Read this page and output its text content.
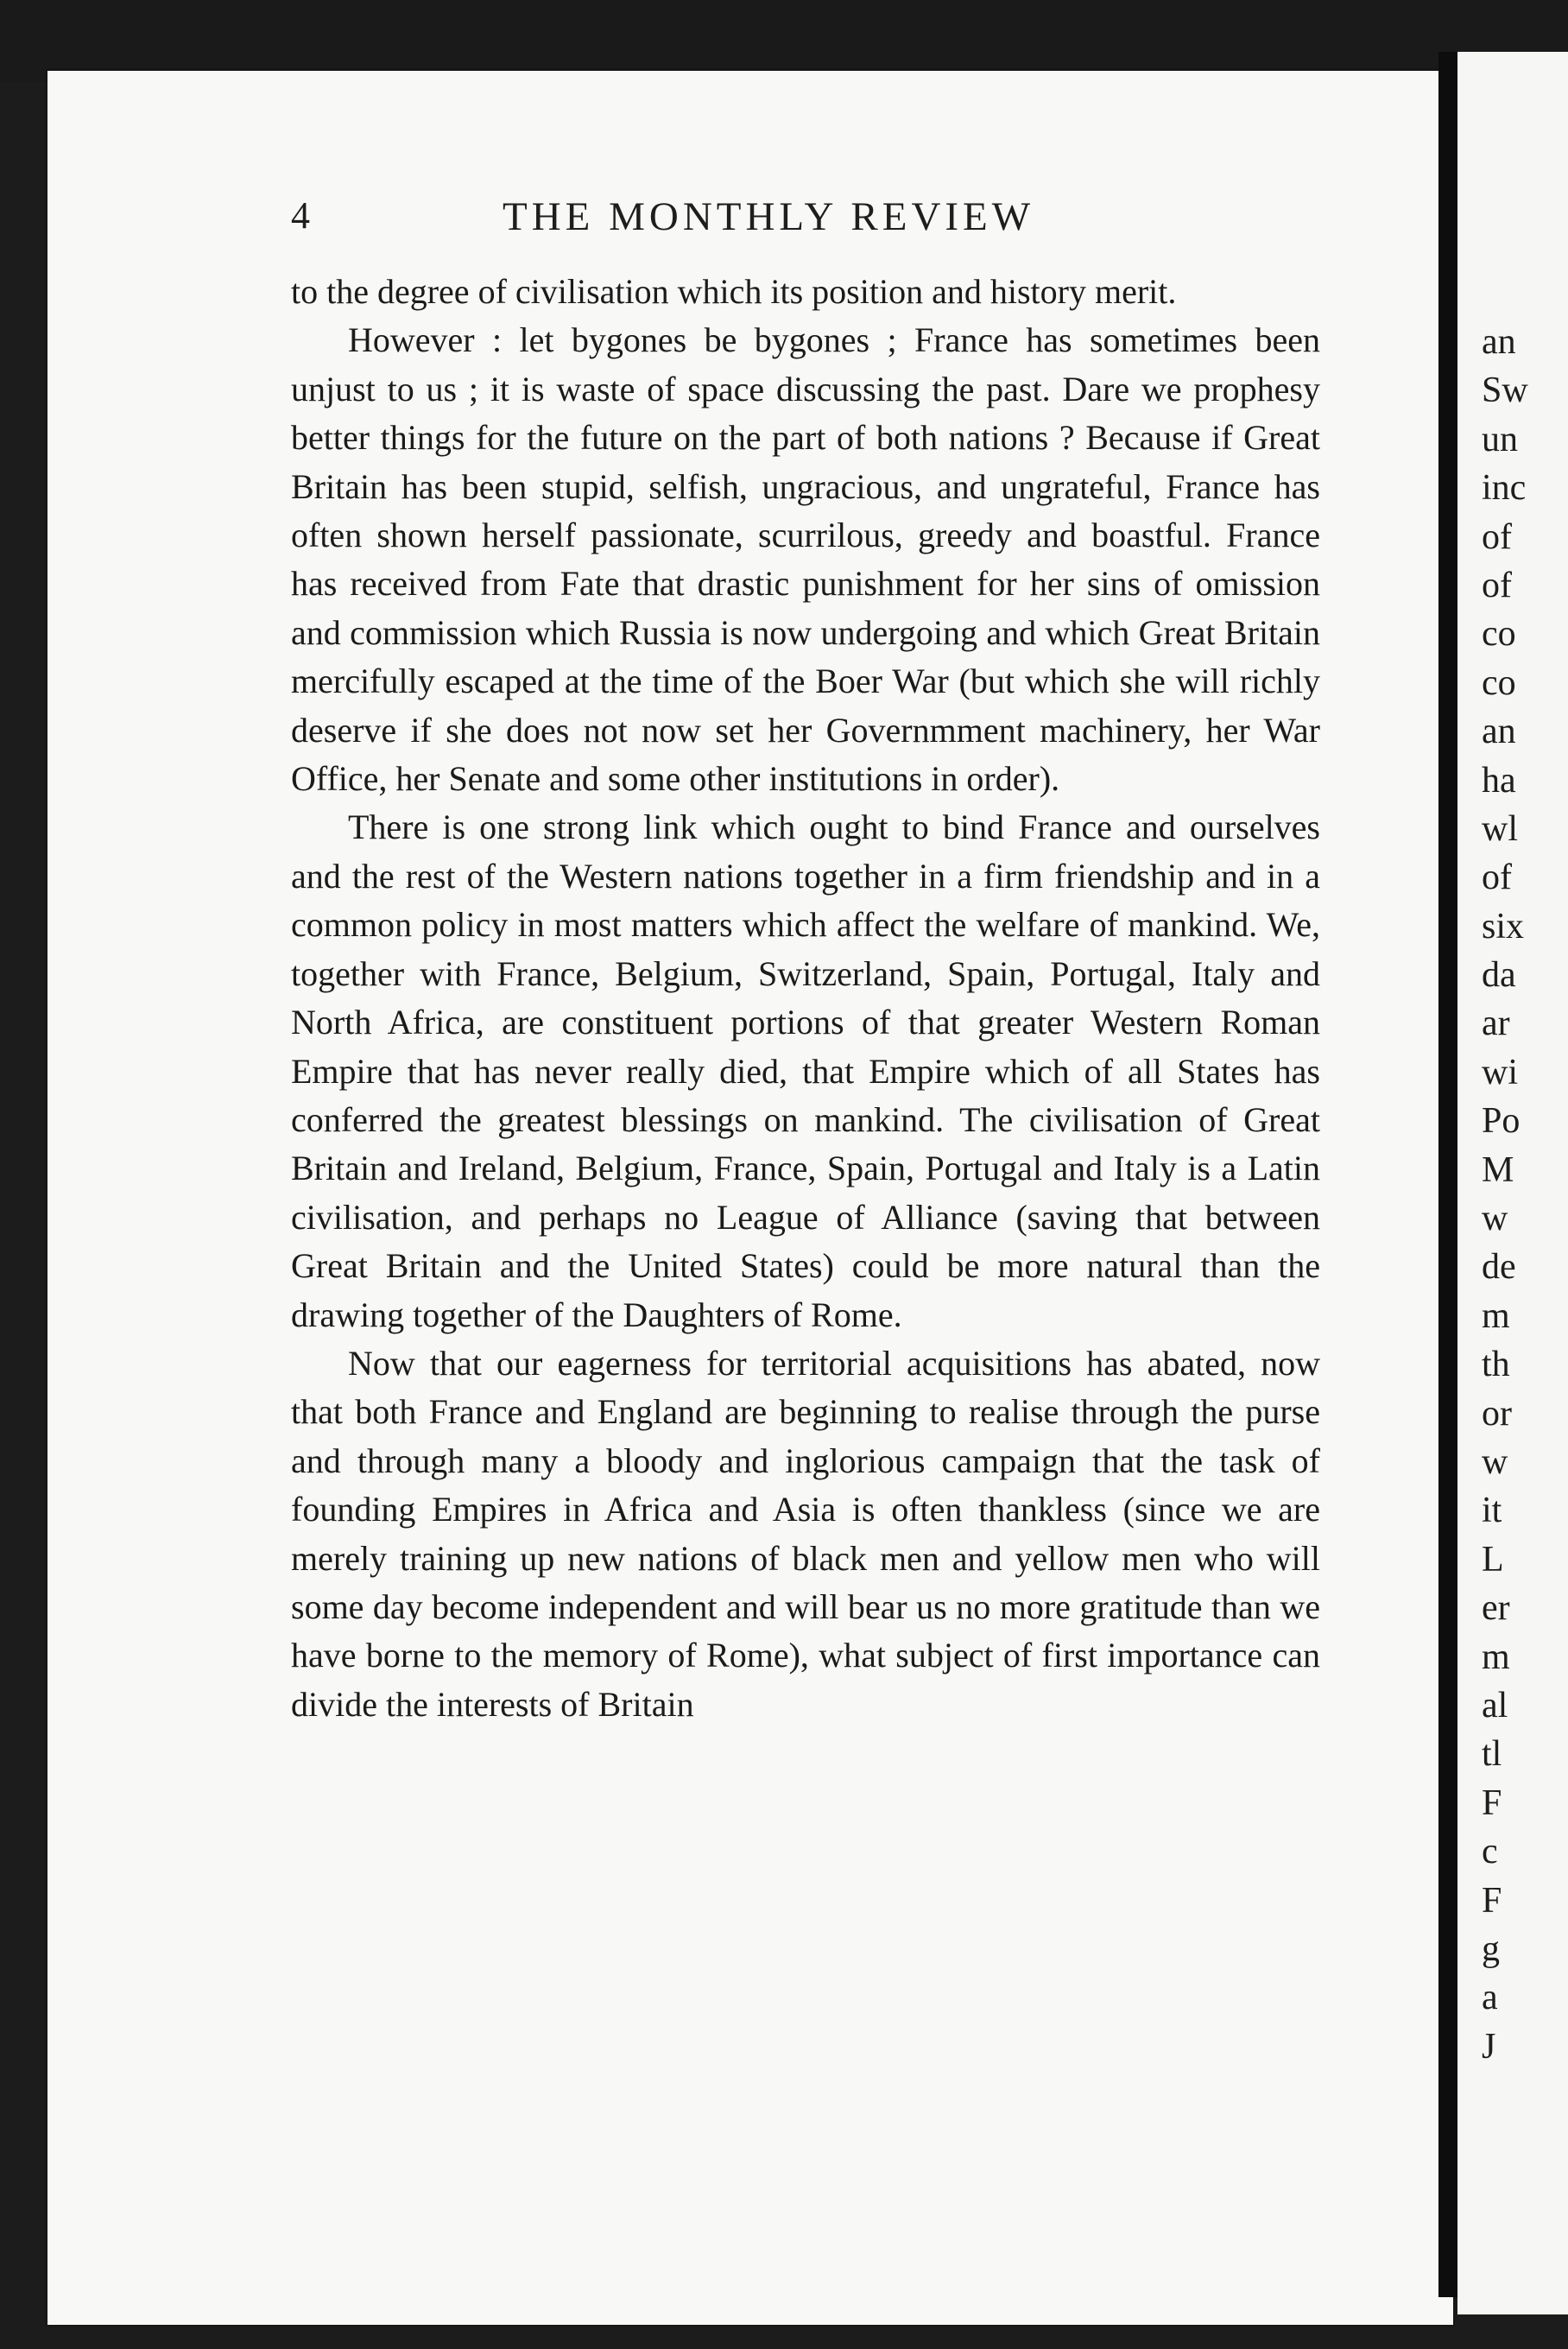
an
Sw
un
inc
of
of
co
co
an
ha
wl
of
six
da
ar
wi
Po
M
w
de
m
th
or
w
it
L
er
m
al
tl
F
c
F
g
a
J
4	THE MONTHLY REVIEW

to the degree of civilisation which its position and history merit.

However : let bygones be bygones ; France has sometimes been unjust to us ; it is waste of space discussing the past. Dare we prophesy better things for the future on the part of both nations ? Because if Great Britain has been stupid, selfish, ungracious, and ungrateful, France has often shown herself passionate, scurrilous, greedy and boastful. France has received from Fate that drastic punishment for her sins of omission and commission which Russia is now undergoing and which Great Britain mercifully escaped at the time of the Boer War (but which she will richly deserve if she does not now set her Governmment machinery, her War Office, her Senate and some other institutions in order).

There is one strong link which ought to bind France and ourselves and the rest of the Western nations together in a firm friendship and in a common policy in most matters which affect the welfare of mankind. We, together with France, Belgium, Switzerland, Spain, Portugal, Italy and North Africa, are constituent portions of that greater Western Roman Empire that has never really died, that Empire which of all States has conferred the greatest blessings on mankind. The civilisation of Great Britain and Ireland, Belgium, France, Spain, Portugal and Italy is a Latin civilisation, and perhaps no League of Alliance (saving that between Great Britain and the United States) could be more natural than the drawing together of the Daughters of Rome.

Now that our eagerness for territorial acquisitions has abated, now that both France and England are beginning to realise through the purse and through many a bloody and inglorious campaign that the task of founding Empires in Africa and Asia is often thankless (since we are merely training up new nations of black men and yellow men who will some day become independent and will bear us no more gratitude than we have borne to the memory of Rome), what subject of first importance can divide the interests of Britain
